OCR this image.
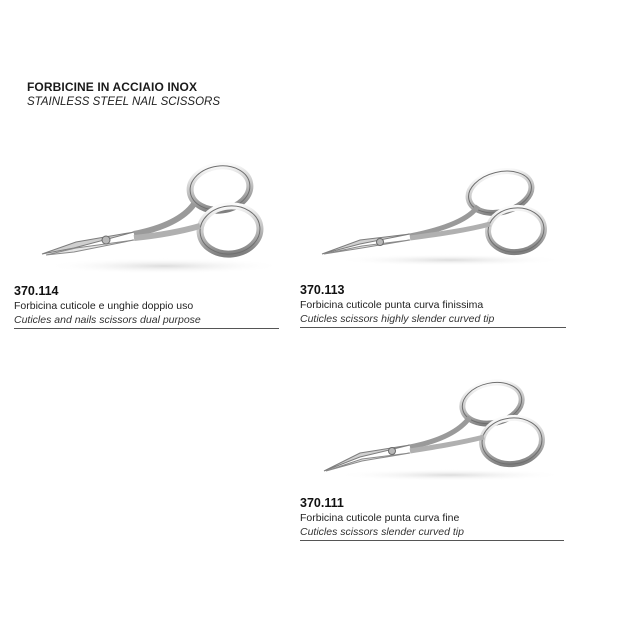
FORBICINE IN ACCIAIO INOX
STAINLESS STEEL NAIL SCISSORS
370.114
Forbicina cuticole e unghie doppio uso
Cuticles and nails scissors dual purpose
370.113
Forbicina cuticole punta curva finissima
Cuticles scissors highly slender curved tip
370.111
Forbicina cuticole punta curva fine
Cuticles scissors slender curved tip
